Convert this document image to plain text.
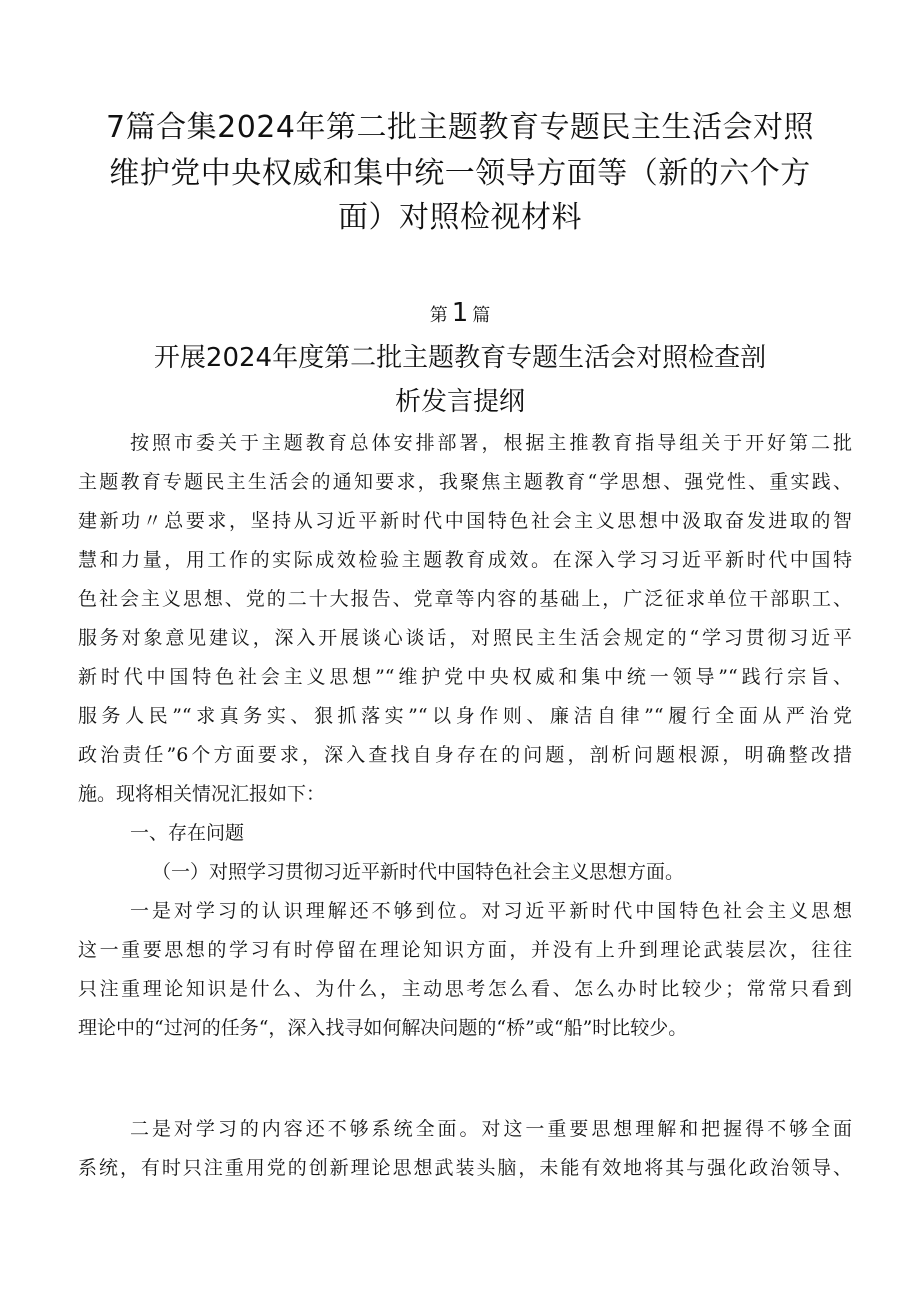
7篇合集2024年第二批主题教育专题民主生活会对照
维护党中央权威和集中统一领导方面等（新的六个方
面）对照检视材料
第 1 篇
开展2024年度第二批主题教育专题生活会对照检查剖
析发言提纲
按照市委关于主题教育总体安排部署，根据主推教育指导组关于开好第二批
主题教育专题民主生活会的通知要求，我聚焦主题教育“学思想、强党性、重实践、
建新功〃总要求，坚持从习近平新时代中国特色社会主义思想中汲取奋发进取的智
慧和力量，用工作的实际成效检验主题教育成效。在深入学习习近平新时代中国特
色社会主义思想、党的二十大报告、党章等内容的基础上，广泛征求单位干部职工、
服务对象意见建议，深入开展谈心谈话，对照民主生活会规定的“学习贯彻习近平
新时代中国特色社会主义思想”“维护党中央权威和集中统一领导”“践行宗旨、
服务人民”“求真务实、狠抓落实”“以身作则、廉洁自律”“履行全面从严治党
政治责任”6个方面要求，深入查找自身存在的问题，剖析问题根源，明确整改措
施。现将相关情况汇报如下：
一、存在问题
（一）对照学习贯彻习近平新时代中国特色社会主义思想方面。
一是对学习的认识理解还不够到位。对习近平新时代中国特色社会主义思想
这一重要思想的学习有时停留在理论知识方面，并没有上升到理论武装层次，往往
只注重理论知识是什么、为什么，主动思考怎么看、怎么办时比较少；常常只看到
理论中的“过河的任务“，深入找寻如何解决问题的“桥”或“船”时比较少。
二是对学习的内容还不够系统全面。对这一重要思想理解和把握得不够全面
系统，有时只注重用党的创新理论思想武装头脑，未能有效地将其与强化政治领导、
